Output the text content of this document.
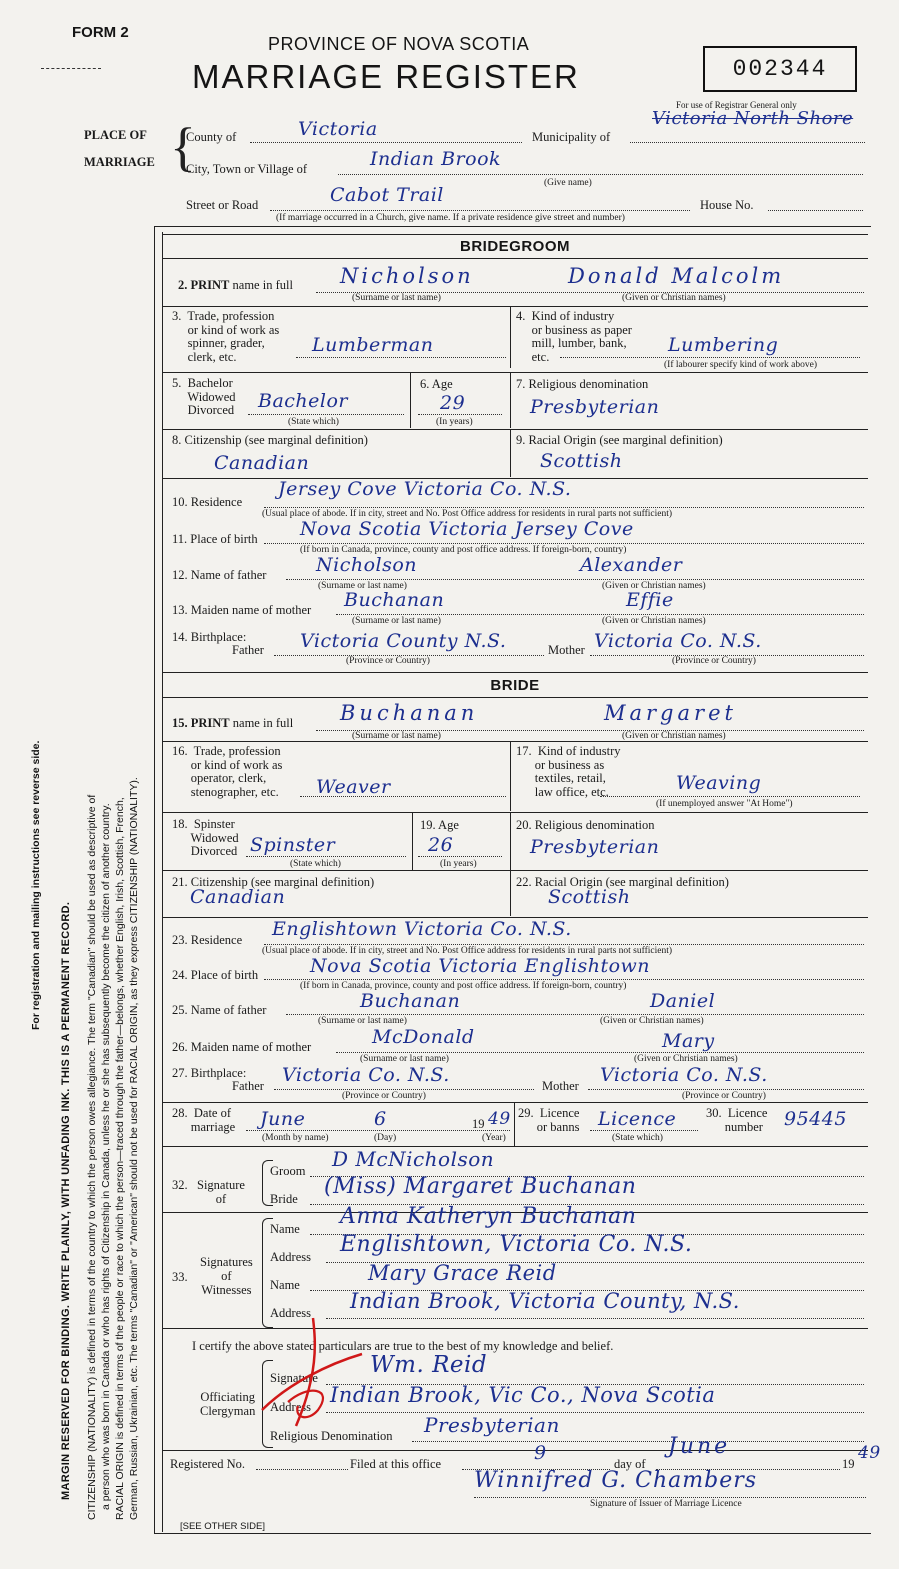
For registration and mailing instructions see reverse side.
MARGIN RESERVED FOR BINDING. WRITE PLAINLY, WITH UNFADING INK. THIS IS A PERMANENT RECORD. CITIZENSHIP (NATIONALITY) is defined in terms of the country to which the person owes allegiance. The term "Canadian" should be used as descriptive of a person who was born in Canada or who has rights of Citizenship in Canada, unless he or she has subsequently become the citizen of another country. RACIAL ORIGIN is defined in terms of the people or race to which the person—traced through the father—belongs, whether English, Irish, Scottish, French, German, Russian, Ukrainian, etc. The terms "Canadian" or "American" should not be used for RACIAL ORIGIN, as they express CITIZENSHIP (NATIONALITY).
FORM 2
PROVINCE OF NOVA SCOTIA
MARRIAGE REGISTER	002344
For use of Registrar General only
Victoria North Shore
PLACE OF
MARRIAGE {
County of	Victoria	Municipality of
City, Town or Village of	Indian Brook
(Give name)
Street or Road	Cabot Trail	House No.
(If marriage occurred in a Church, give name. If a private residence give street and number)
BRIDEGROOM
2. PRINT name in full Nicholson	Donald Malcolm
(Surname or last name)	(Given or Christian names)
3.  Trade, profession
or kind of work as
spinner, grader,
clerk, etc.
Lumberman
4.  Kind of industry
or business as paper
mill, lumber, bank,
etc.
Lumbering
(If labourer specify kind of work above)
5.  Bachelor
Widowed
Divorced Bachelor
(State which)
6. Age
29
(In years)
7. Religious denomination
Presbyterian
8. Citizenship (see marginal definition)
Canadian
9. Racial Origin (see marginal definition)
Scottish
10. Residence
Jersey Cove Victoria Co. N.S.
(Usual place of abode. If in city, street and No. Post Office address for residents in rural parts not sufficient)
11. Place of birth Nova Scotia Victoria Jersey Cove
(If born in Canada, province, county and post office address. If foreign-born, country)
12. Name of father	Nicholson	Alexander
(Surname or last name)	(Given or Christian names)
13. Maiden name of mother Buchanan	Effie
(Surname or last name)	(Given or Christian names)
14. Birthplace:
Father Victoria County N.S.	Mother Victoria Co. N.S.
(Province or Country)	(Province or Country)
BRIDE
15. PRINT name in full Buchanan	Margaret
(Surname or last name)	(Given or Christian names)
16.  Trade, profession
or kind of work as
operator, clerk,
stenographer, etc. Weaver
17.  Kind of industry
or business as
textiles, retail,
law office, etc.	Weaving
(If unemployed answer "At Home")
18.  Spinster
Widowed
Divorced Spinster
(State which)
19. Age
26
(In years)
20. Religious denomination
Presbyterian
21. Citizenship (see marginal definition)
Canadian
22. Racial Origin (see marginal definition)
Scottish
23. Residence Englishtown Victoria Co. N.S.
(Usual place of abode. If in city, street and No. Post Office address for residents in rural parts not sufficient)
24. Place of birth	Nova Scotia Victoria Englishtown
(If born in Canada, province, county and post office address. If foreign-born, country)
25. Name of father	Buchanan	Daniel
(Surname or last name)	(Given or Christian names)
26. Maiden name of mother	McDonald	Mary
(Surname or last name)	(Given or Christian names)
27. Birthplace:
Father Victoria Co. N.S.	Mother Victoria Co. N.S.
(Province or Country)	(Province or Country)
28.  Date of
marriage June	6	19 49
(Month by name)	(Day)	(Year)
29.  Licence
or banns Licence
(State which)
30.  Licence
number 95445
32.   Signature
of
Groom D McNicholson
Bride (Miss) Margaret Buchanan
33.
Signatures
of
Witnesses
Name Anna Katheryn Buchanan
Address Englishtown, Victoria Co. N.S.
Name	Mary Grace Reid
Address Indian Brook, Victoria County, N.S.
I certify the above stated particulars are true to the best of my knowledge and belief.
Officiating
Clergyman
Signature Wm. Reid
Address Indian Brook, Vic Co., Nova Scotia
Religious Denomination Presbyterian
Registered No.	Filed at this office	9	day of
June
19
49
Winnifred G. Chambers
Signature of Issuer of Marriage Licence
[SEE OTHER SIDE]
